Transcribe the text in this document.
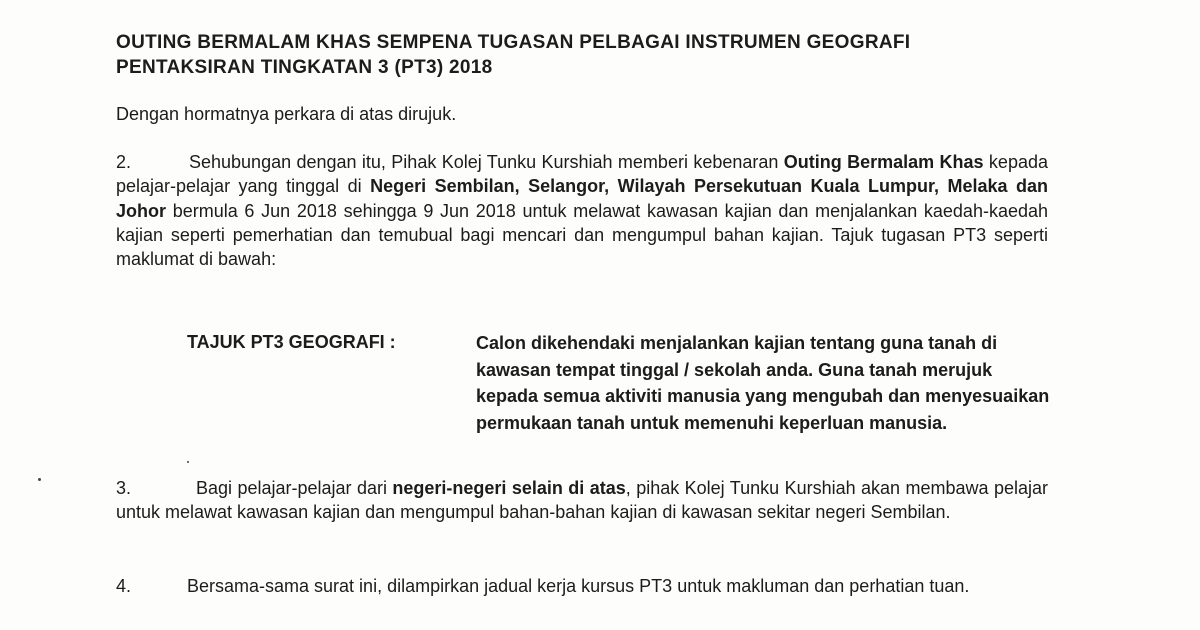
OUTING BERMALAM KHAS SEMPENA TUGASAN PELBAGAI INSTRUMEN GEOGRAFI
PENTAKSIRAN TINGKATAN 3 (PT3) 2018

Dengan hormatnya perkara di atas dirujuk.

2.	Sehubungan dengan itu, Pihak Kolej Tunku Kurshiah memberi kebenaran Outing Bermalam Khas kepada pelajar-pelajar yang tinggal di Negeri Sembilan, Selangor, Wilayah Persekutuan Kuala Lumpur, Melaka dan Johor bermula 6 Jun 2018 sehingga 9 Jun 2018 untuk melawat kawasan kajian dan menjalankan kaedah-kaedah kajian seperti pemerhatian dan temubual bagi mencari dan mengumpul bahan kajian. Tajuk tugasan PT3 seperti maklumat di bawah:

TAJUK PT3 GEOGRAFI :	Calon dikehendaki menjalankan kajian tentang guna tanah di kawasan tempat tinggal / sekolah anda. Guna tanah merujuk kepada semua aktiviti manusia yang mengubah dan menyesuaikan permukaan tanah untuk memenuhi keperluan manusia.

3.	Bagi pelajar-pelajar dari negeri-negeri selain di atas, pihak Kolej Tunku Kurshiah akan membawa pelajar untuk melawat kawasan kajian dan mengumpul bahan-bahan kajian di kawasan sekitar negeri Sembilan.

4.	Bersama-sama surat ini, dilampirkan jadual kerja kursus PT3 untuk makluman dan perhatian tuan.
